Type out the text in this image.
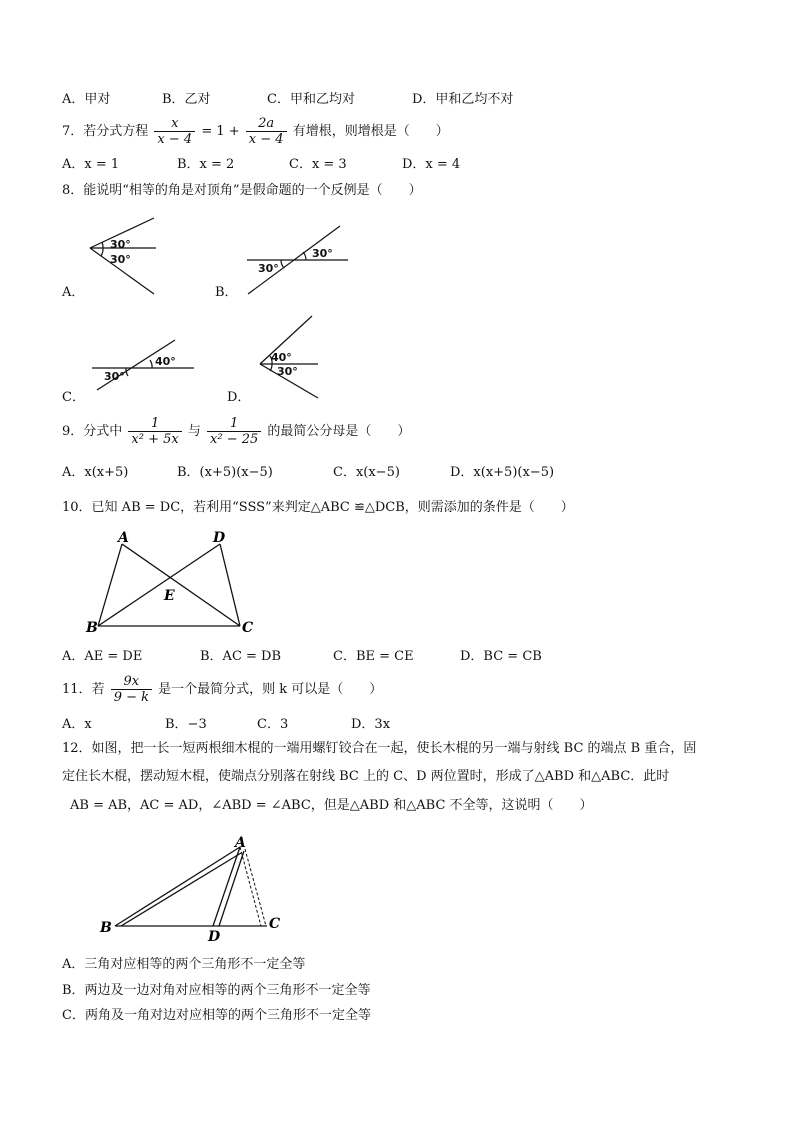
A．甲对	B．乙对	C．甲和乙均对	D．甲和乙均不对
7．若分式方程 $\frac{x}{x - 4} = 1 + \frac{2a}{x - 4}$ 有增根，则增根是（　　）
A．x = 1	B．x = 2	C．x = 3	D．x = 4
8．能说明“相等的角是对顶角”是假命题的一个反例是（　　）
30°
30°	30°
30°
40°
30°
40°
30°
A．	B．
C．	D．
9．分式中 $\frac{1}{\text{x² + 5x}}$ 与 $\frac{1}{\text{x² − 25}}$ 的最简公分母是（　　）
A．x(x+5)	B．(x+5)(x−5)	C．x(x−5)	D．x(x+5)(x−5)
10．已知 AB = DC，若利用“SSS”来判定△ABC ≌△DCB，则需添加的条件是（　　）
A	D
E
B	C
A．AE = DE	B．AC = DB	C．BE = CE	D．BC = CB
11．若 $\frac{9x}{9 - k}$ 是一个最简分式，则 k 可以是（　　）
A．x	B．−3	C．3	D．3x
12．如图，把一长一短两根细木棍的一端用螺钉铰合在一起，使长木棍的另一端与射线 BC 的端点 B 重合，固
定住长木棍，摆动短木棍，使端点分别落在射线 BC 上的 C、D 两位置时，形成了△ABD 和△ABC．此时
AB = AB，AC = AD，∠ABD = ∠ABC，但是△ABD 和△ABC 不全等，这说明（　　）
A
B
D
C
A．三角对应相等的两个三角形不一定全等
B．两边及一边对角对应相等的两个三角形不一定全等
C．两角及一角对边对应相等的两个三角形不一定全等
